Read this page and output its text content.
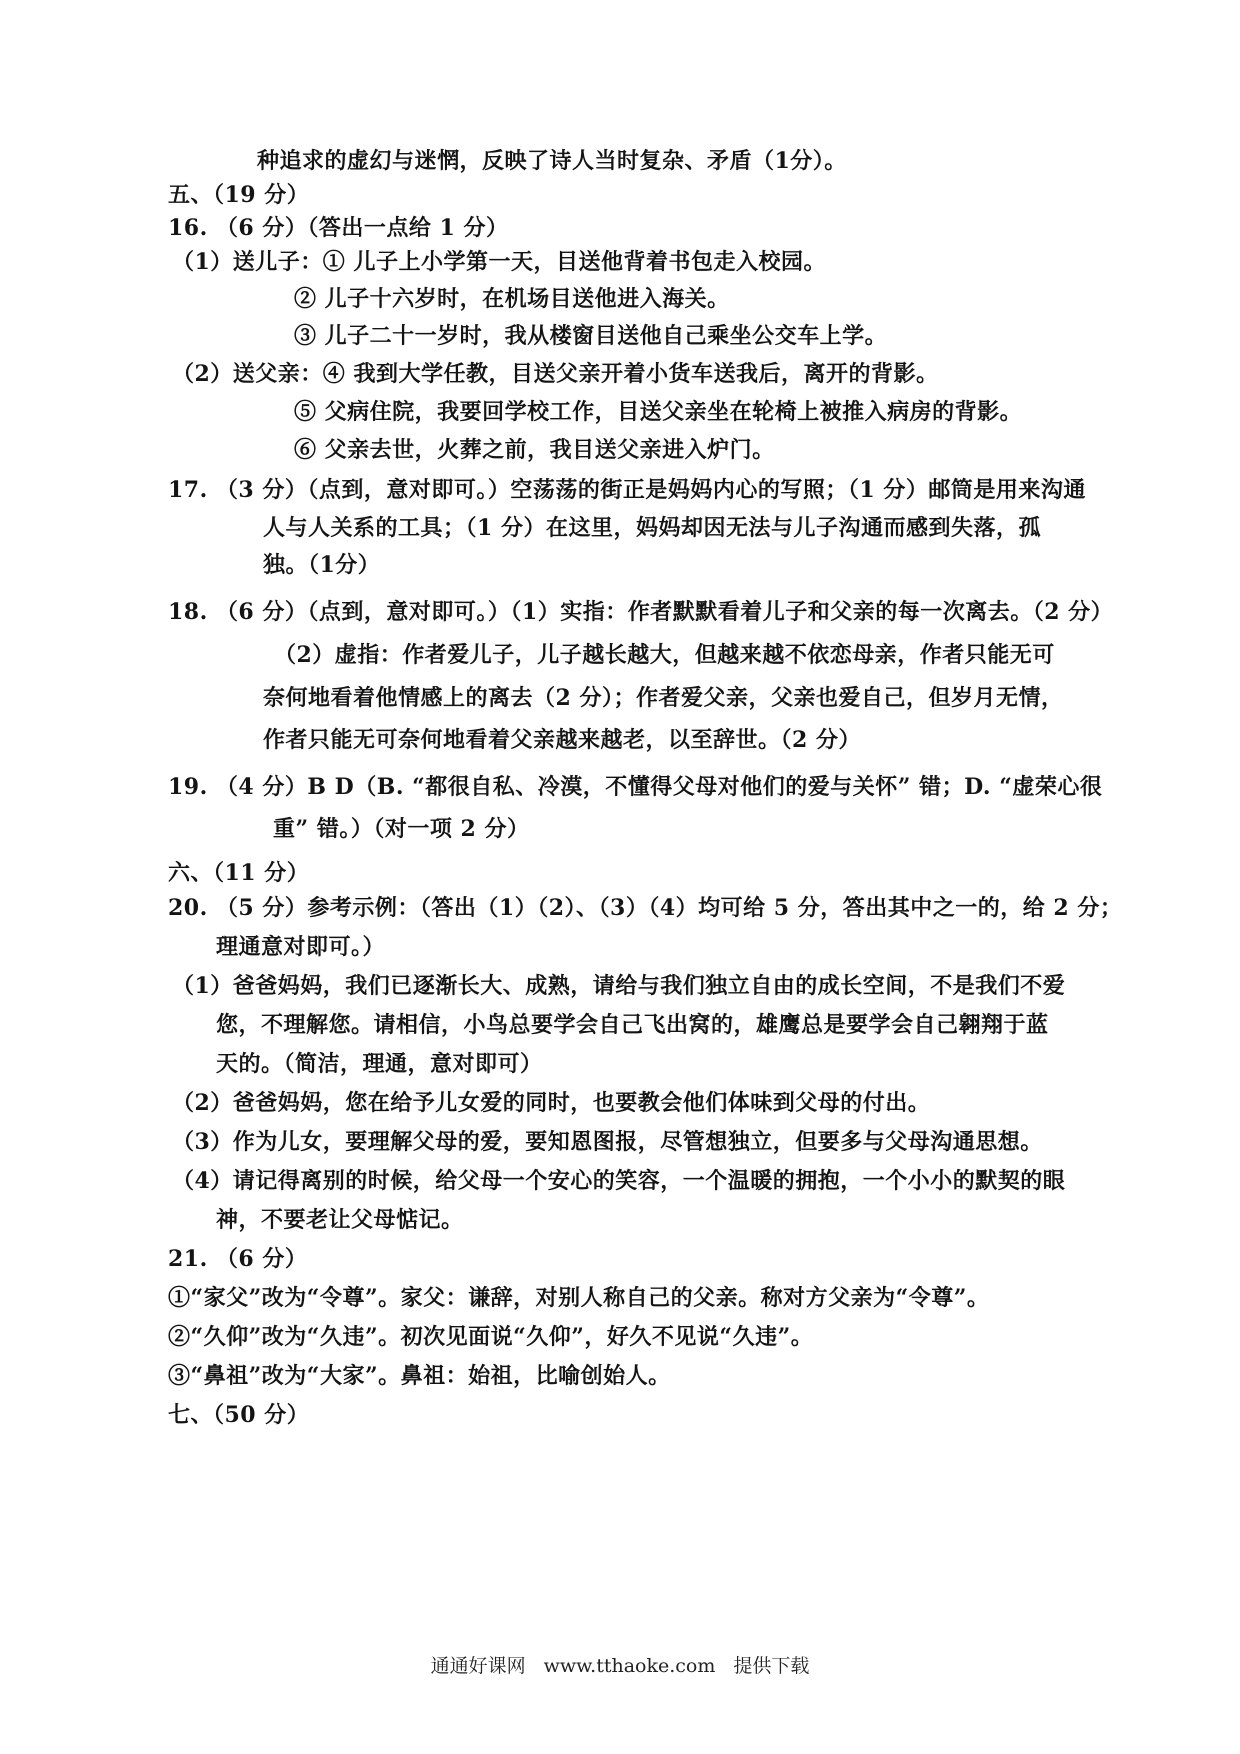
种追求的虚幻与迷惘，反映了诗人当时复杂、矛盾（1分）。
五、（19 分）
16. （6 分）（答出一点给 1 分）
（1）送儿子：① 儿子上小学第一天，目送他背着书包走入校园。
② 儿子十六岁时，在机场目送他进入海关。
③ 儿子二十一岁时，我从楼窗目送他自己乘坐公交车上学。
（2）送父亲：④ 我到大学任教，目送父亲开着小货车送我后，离开的背影。
⑤ 父病住院，我要回学校工作，目送父亲坐在轮椅上被推入病房的背影。
⑥ 父亲去世，火葬之前，我目送父亲进入炉门。
17. （3 分）（点到，意对即可。）空荡荡的街正是妈妈内心的写照；（1 分）邮筒是用来沟通
人与人关系的工具；（1 分）在这里，妈妈却因无法与儿子沟通而感到失落，孤
独。（1分）
18. （6 分）（点到，意对即可。）（1）实指：作者默默看着儿子和父亲的每一次离去。（2 分）
（2）虚指：作者爱儿子，儿子越长越大，但越来越不依恋母亲，作者只能无可
奈何地看着他情感上的离去（2 分）；作者爱父亲，父亲也爱自己，但岁月无情，
作者只能无可奈何地看着父亲越来越老，以至辞世。（2 分）
19. （4 分）B D（B. “都很自私、冷漠，不懂得父母对他们的爱与关怀” 错；D. “虚荣心很
重” 错。）（对一项 2 分）
六、（11 分）
20. （5 分）参考示例：（答出（1）（2）、（3）（4）均可给 5 分，答出其中之一的，给 2 分；
理通意对即可。）
（1）爸爸妈妈，我们已逐渐长大、成熟，请给与我们独立自由的成长空间，不是我们不爱
您，不理解您。请相信，小鸟总要学会自己飞出窝的，雄鹰总是要学会自己翱翔于蓝
天的。（简洁，理通，意对即可）
（2）爸爸妈妈，您在给予儿女爱的同时，也要教会他们体味到父母的付出。
（3）作为儿女，要理解父母的爱，要知恩图报，尽管想独立，但要多与父母沟通思想。
（4）请记得离别的时候，给父母一个安心的笑容，一个温暖的拥抱，一个小小的默契的眼
神，不要老让父母惦记。
21. （6 分）
①“家父”改为“令尊”。家父：谦辞，对别人称自己的父亲。称对方父亲为“令尊”。
②“久仰”改为“久违”。初次见面说“久仰”，好久不见说“久违”。
③“鼻祖”改为“大家”。鼻祖：始祖，比喻创始人。
七、（50 分）
通通好课网 www.tthaoke.com 提供下载
